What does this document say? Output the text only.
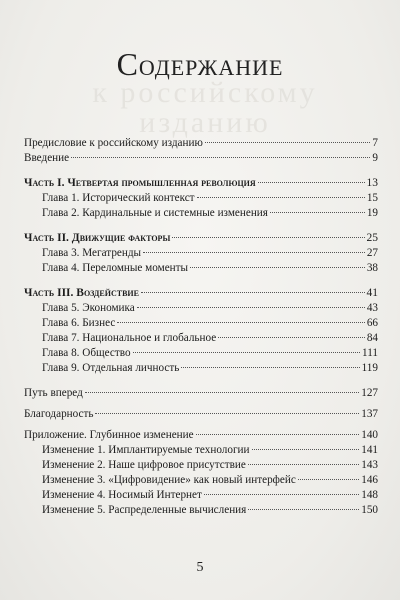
к российскому
изданию
Содержание
Предисловие к российскому изданию	7
Введение	9
Часть I. Четвертая промышленная революция	13
Глава 1. Исторический контекст	15
Глава 2. Кардинальные и системные изменения	19
Часть II. Движущие факторы	25
Глава 3. Мегатренды	27
Глава 4. Переломные моменты	38
Часть III. Воздействие	41
Глава 5. Экономика	43
Глава 6. Бизнес	66
Глава 7. Национальное и глобальное	84
Глава 8. Общество	111
Глава 9. Отдельная личность	119
Путь вперед	127
Благодарность	137
Приложение. Глубинное изменение	140
Изменение 1. Имплантируемые технологии	141
Изменение 2. Наше цифровое присутствие	143
Изменение 3. «Цифровидение» как новый интерфейс	146
Изменение 4. Носимый Интернет	148
Изменение 5. Распределенные вычисления	150
5
